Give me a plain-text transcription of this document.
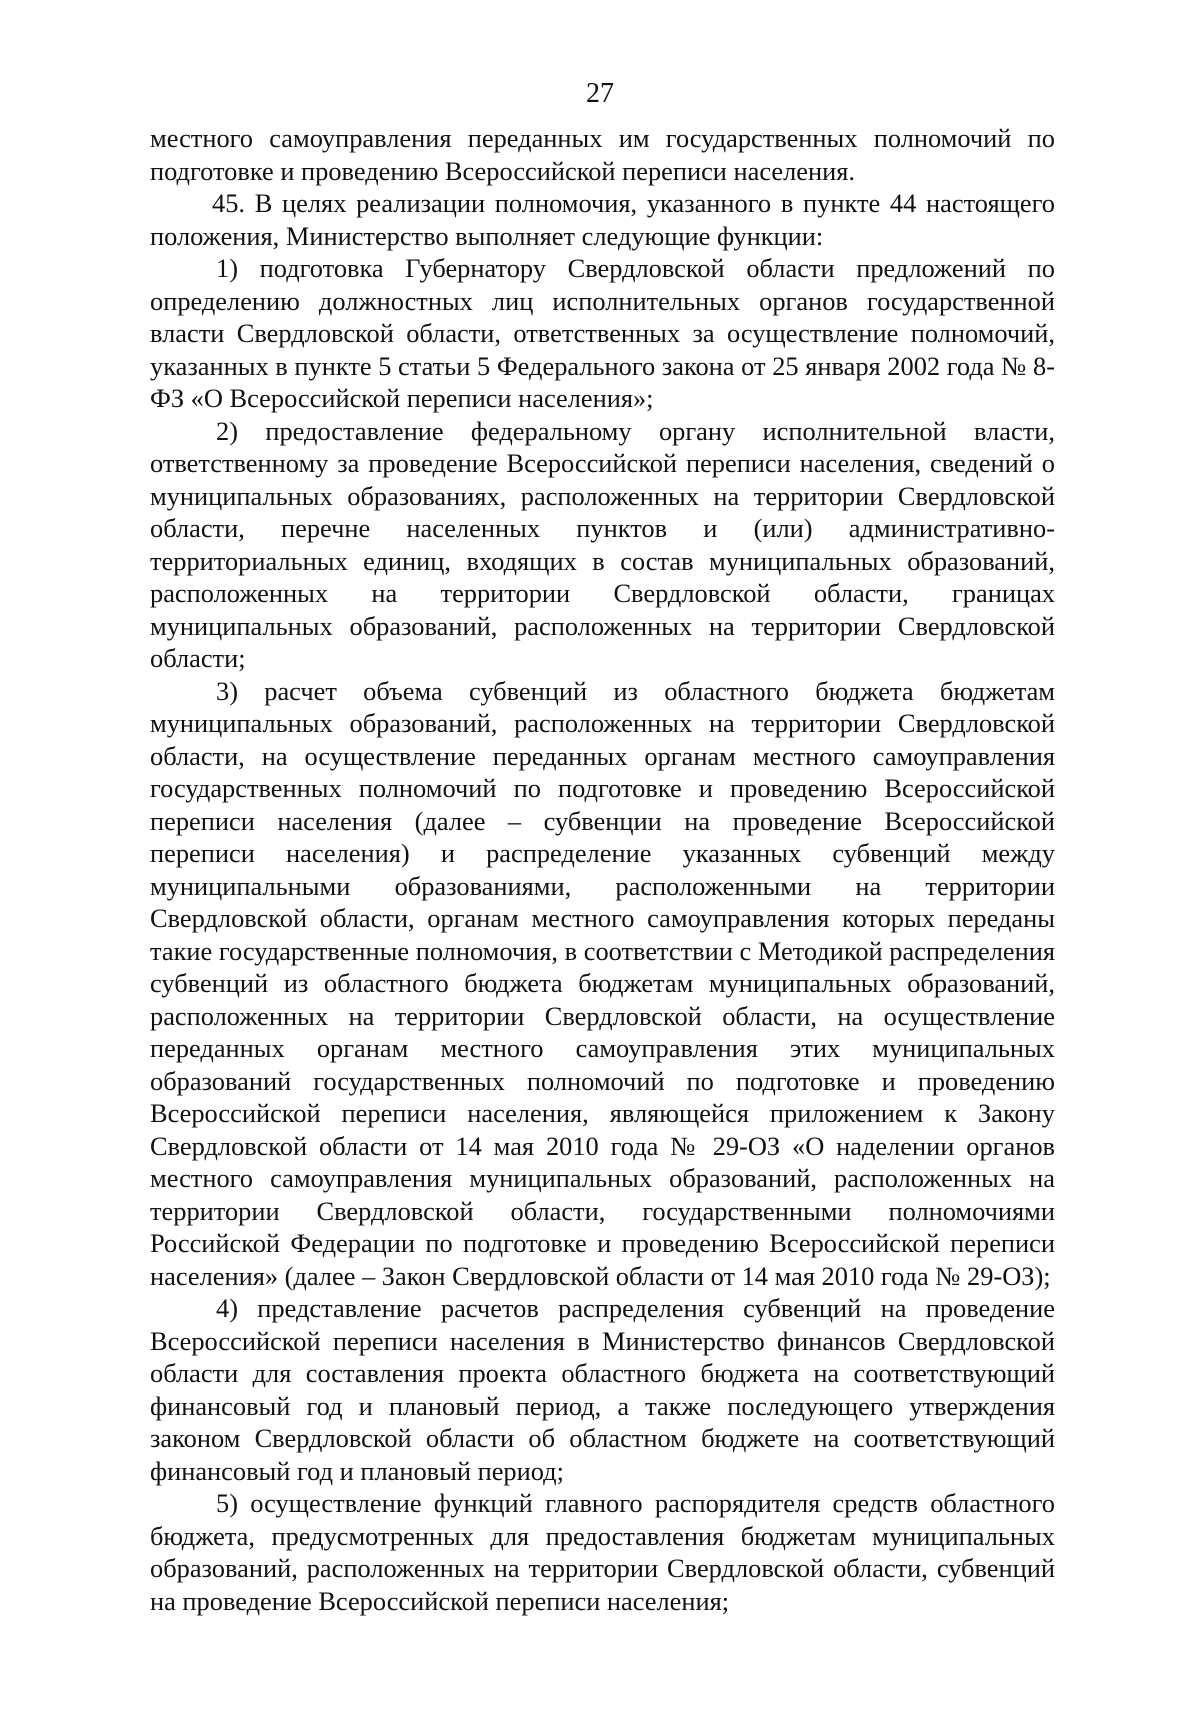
27

местного самоуправления переданных им государственных полномочий по подготовке и проведению Всероссийской переписи населения.

45. В целях реализации полномочия, указанного в пункте 44 настоящего положения, Министерство выполняет следующие функции:

1) подготовка Губернатору Свердловской области предложений по определению должностных лиц исполнительных органов государственной власти Свердловской области, ответственных за осуществление полномочий, указанных в пункте 5 статьи 5 Федерального закона от 25 января 2002 года № 8-ФЗ «О Всероссийской переписи населения»;

2) предоставление федеральному органу исполнительной власти, ответственному за проведение Всероссийской переписи населения, сведений о муниципальных образованиях, расположенных на территории Свердловской области, перечне населенных пунктов и (или) административно-территориальных единиц, входящих в состав муниципальных образований, расположенных на территории Свердловской области, границах муниципальных образований, расположенных на территории Свердловской области;

3) расчет объема субвенций из областного бюджета бюджетам муниципальных образований, расположенных на территории Свердловской области, на осуществление переданных органам местного самоуправления государственных полномочий по подготовке и проведению Всероссийской переписи населения (далее – субвенции на проведение Всероссийской переписи населения) и распределение указанных субвенций между муниципальными образованиями, расположенными на территории Свердловской области, органам местного самоуправления которых переданы такие государственные полномочия, в соответствии с Методикой распределения субвенций из областного бюджета бюджетам муниципальных образований, расположенных на территории Свердловской области, на осуществление переданных органам местного самоуправления этих муниципальных образований государственных полномочий по подготовке и проведению Всероссийской переписи населения, являющейся приложением к Закону Свердловской области от 14 мая 2010 года № 29-ОЗ «О наделении органов местного самоуправления муниципальных образований, расположенных на территории Свердловской области, государственными полномочиями Российской Федерации по подготовке и проведению Всероссийской переписи населения» (далее – Закон Свердловской области от 14 мая 2010 года № 29-ОЗ);

4) представление расчетов распределения субвенций на проведение Всероссийской переписи населения в Министерство финансов Свердловской области для составления проекта областного бюджета на соответствующий финансовый год и плановый период, а также последующего утверждения законом Свердловской области об областном бюджете на соответствующий финансовый год и плановый период;

5) осуществление функций главного распорядителя средств областного бюджета, предусмотренных для предоставления бюджетам муниципальных образований, расположенных на территории Свердловской области, субвенций на проведение Всероссийской переписи населения;
